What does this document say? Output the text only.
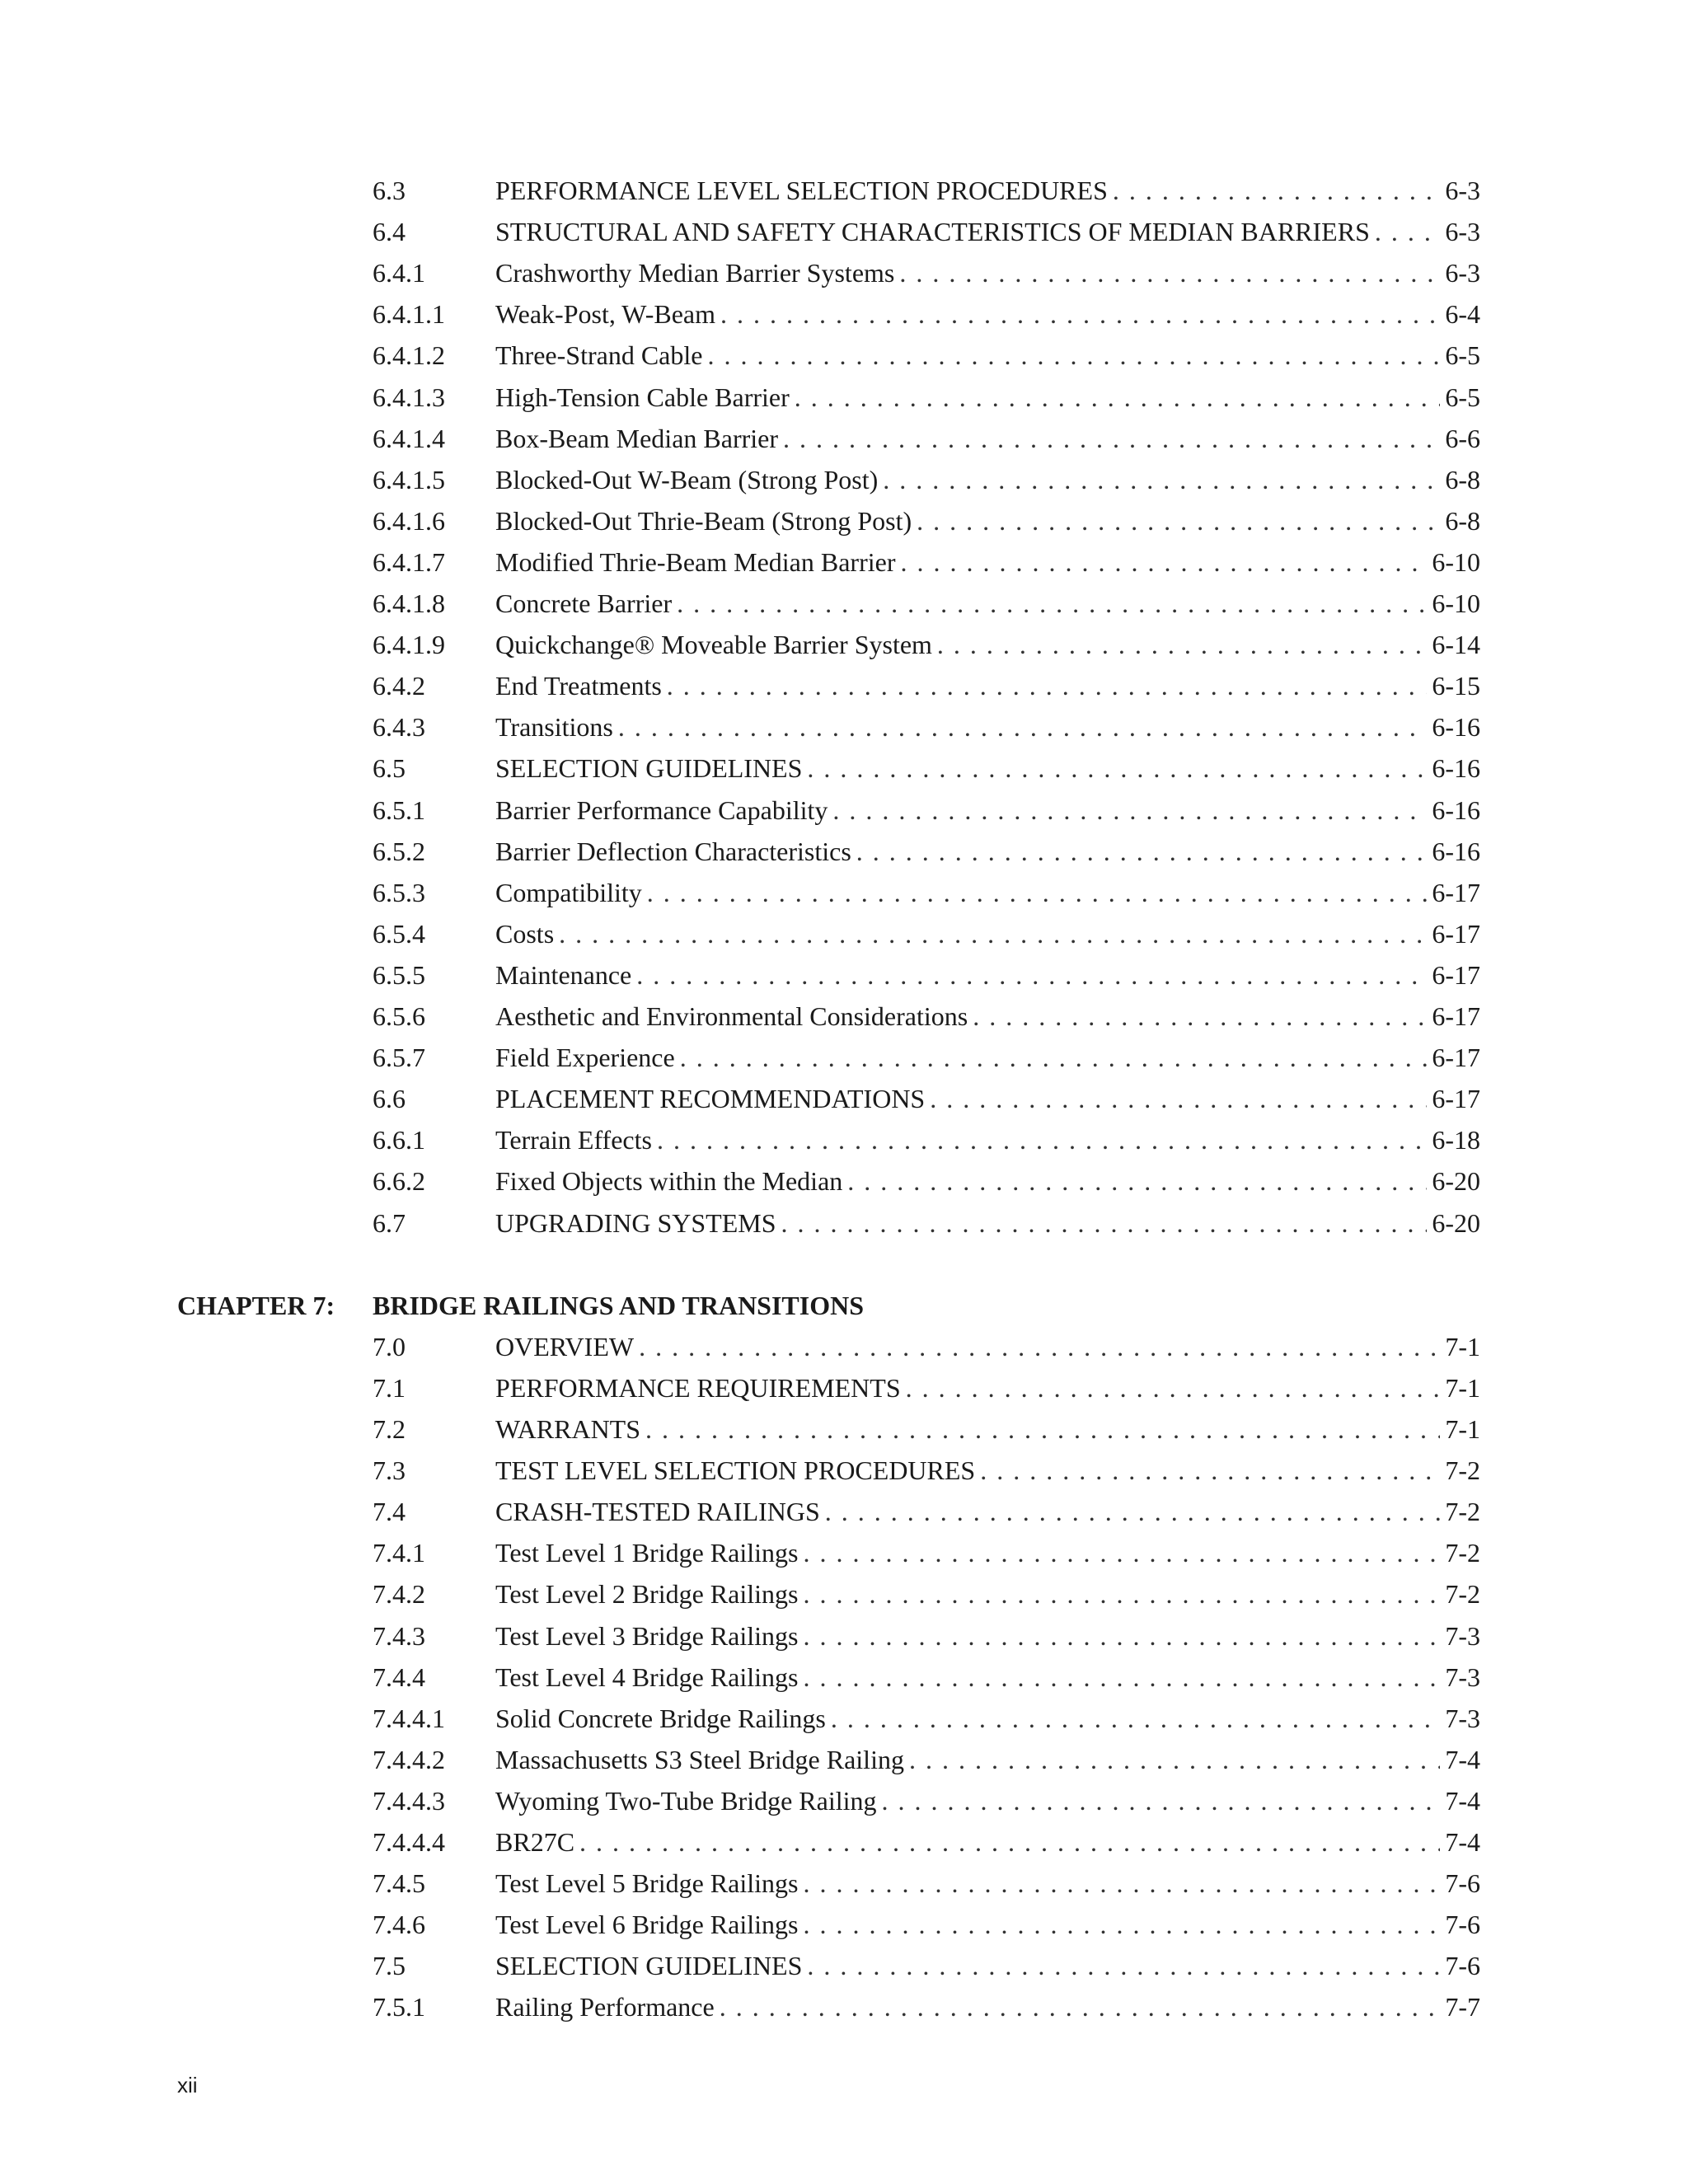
6.3	PERFORMANCE LEVEL SELECTION PROCEDURES . . .	6-3
6.4	STRUCTURAL AND SAFETY CHARACTERISTICS OF MEDIAN BARRIERS . . .	6-3
6.4.1	Crashworthy Median Barrier Systems . . .	6-3
6.4.1.1 Weak-Post, W-Beam . . .	6-4
6.4.1.2 Three-Strand Cable . . .	6-5
6.4.1.3 High-Tension Cable Barrier . . .	6-5
6.4.1.4 Box-Beam Median Barrier . . .	6-6
6.4.1.5 Blocked-Out W-Beam (Strong Post) . . .	6-8
6.4.1.6 Blocked-Out Thrie-Beam (Strong Post) . . .	6-8
6.4.1.7 Modified Thrie-Beam Median Barrier . . .	6-10
6.4.1.8 Concrete Barrier . . .	6-10
6.4.1.9 Quickchange® Moveable Barrier System . . .	6-14
6.4.2	End Treatments . . .	6-15
6.4.3	Transitions . . .	6-16
6.5	SELECTION GUIDELINES . . .	6-16
6.5.1	Barrier Performance Capability . . .	6-16
6.5.2	Barrier Deflection Characteristics . . .	6-16
6.5.3	Compatibility . . .	6-17
6.5.4	Costs . . .	6-17
6.5.5	Maintenance . . .	6-17
6.5.6	Aesthetic and Environmental Considerations . . .	6-17
6.5.7	Field Experience . . .	6-17
6.6	PLACEMENT RECOMMENDATIONS . . .	6-17
6.6.1	Terrain Effects . . .	6-18
6.6.2	Fixed Objects within the Median . . .	6-20
6.7	UPGRADING SYSTEMS . . .	6-20
CHAPTER 7: BRIDGE RAILINGS AND TRANSITIONS
7.0	OVERVIEW . . .	7-1
7.1	PERFORMANCE REQUIREMENTS . . .	7-1
7.2	WARRANTS . . .	7-1
7.3	TEST LEVEL SELECTION PROCEDURES . . .	7-2
7.4	CRASH-TESTED RAILINGS . . .	7-2
7.4.1	Test Level 1 Bridge Railings . . .	7-2
7.4.2	Test Level 2 Bridge Railings . . .	7-2
7.4.3	Test Level 3 Bridge Railings . . .	7-3
7.4.4	Test Level 4 Bridge Railings . . .	7-3
7.4.4.1 Solid Concrete Bridge Railings . . .	7-3
7.4.4.2 Massachusetts S3 Steel Bridge Railing . . .	7-4
7.4.4.3 Wyoming Two-Tube Bridge Railing . . .	7-4
7.4.4.4 BR27C . . .	7-4
7.4.5	Test Level 5 Bridge Railings . . .	7-6
7.4.6	Test Level 6 Bridge Railings . . .	7-6
7.5	SELECTION GUIDELINES . . .	7-6
7.5.1	Railing Performance . . .	7-7
xii
